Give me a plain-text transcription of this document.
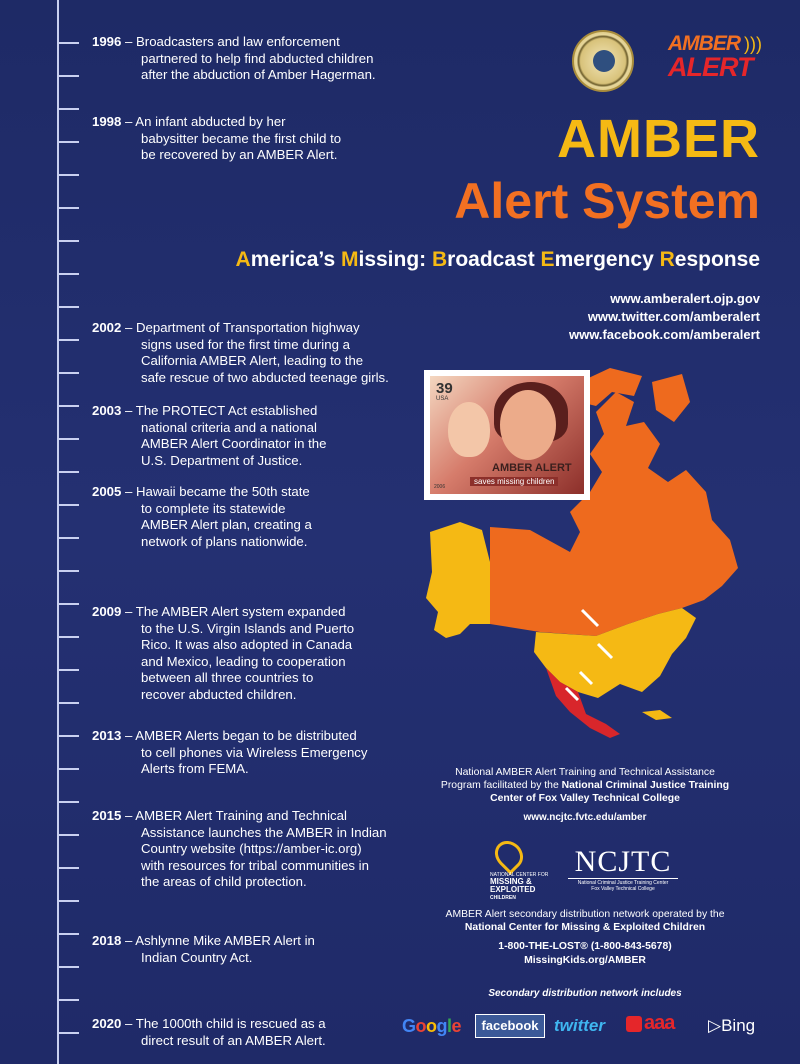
1996 – Broadcasters and law enforcement
partnered to help find abducted children
after the abduction of Amber Hagerman.
1998 – An infant abducted by her
babysitter became the first child to
be recovered by an AMBER Alert.
2002 – Department of Transportation highway
signs used for the first time during a
California AMBER Alert, leading to the
safe rescue of two abducted teenage girls.
2003 – The PROTECT Act established
national criteria and a national
AMBER Alert Coordinator in the
U.S. Department of Justice.
2005 – Hawaii became the 50th state
to complete its statewide
AMBER Alert plan, creating a
network of plans nationwide.
2009 – The AMBER Alert system expanded
to the U.S. Virgin Islands and Puerto
Rico. It was also adopted in Canada
and Mexico, leading to cooperation
between all three countries to
recover abducted children.
2013 – AMBER Alerts began to be distributed
to cell phones via Wireless Emergency
Alerts from FEMA.
2015 – AMBER Alert Training and Technical
Assistance launches the AMBER in Indian
Country website (https://amber-ic.org)
with resources for tribal communities in
the areas of child protection.
2018 – Ashlynne Mike AMBER Alert in
Indian Country Act.
2020 – The 1000th child is rescued as a
direct result of an AMBER Alert.
AMBER
ALERT
)))
AMBER
Alert System
America’s Missing: Broadcast Emergency Response
www.amberalert.ojp.gov
www.twitter.com/amberalert
www.facebook.com/amberalert
39
USA
AMBER ALERT
saves missing children
2006
National AMBER Alert Training and Technical Assistance
Program facilitated by the National Criminal Justice Training
Center of Fox Valley Technical College
www.ncjtc.fvtc.edu/amber
NATIONAL CENTER FOR
MISSING &
EXPLOITED
CHILDREN
NCJTC
National Criminal Justice Training Center
Fox Valley Technical College
AMBER Alert secondary distribution network operated by the
National Center for Missing & Exploited Children
1-800-THE-LOST® (1-800-843-5678)
MissingKids.org/AMBER
Secondary distribution network includes
Google	facebook twitter aaa ▷Bing
